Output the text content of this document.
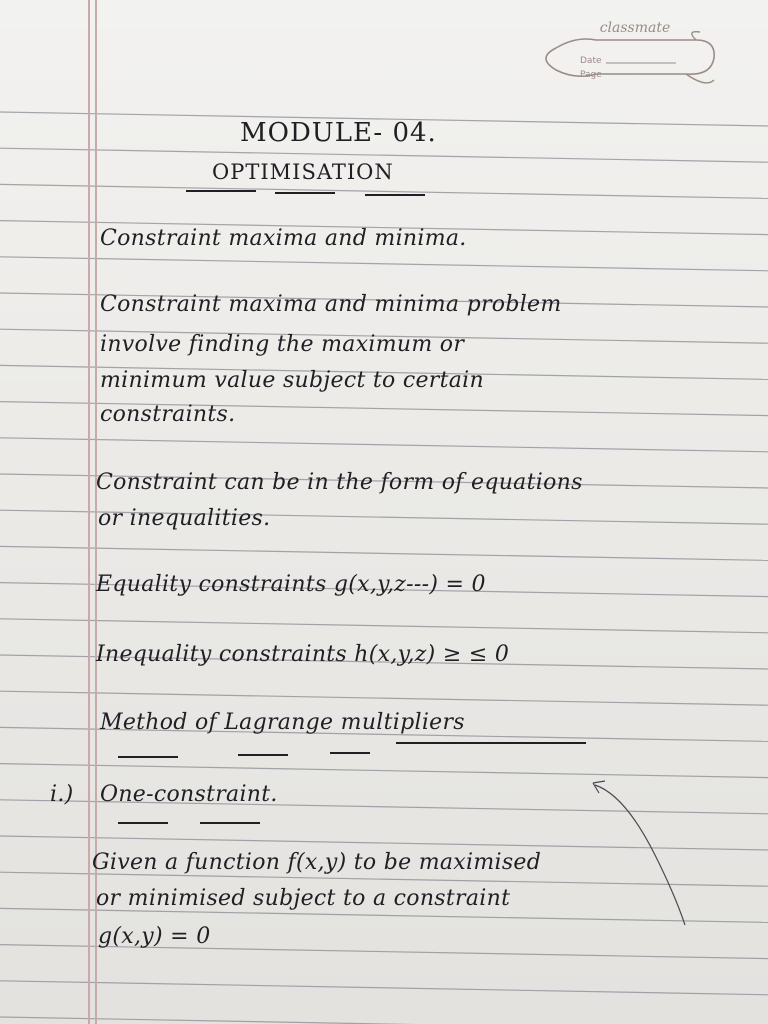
classmate
Date
Page
MODULE- 04.
OPTIMISATION
Constraint maxima and minima.
Constraint maxima and minima problem
involve finding the maximum or
minimum value subject to certain
constraints.
Constraint can be in the form of equations
or inequalities.
Equality constraints g(x,y,z---) = 0
Inequality constraints h(x,y,z) ≥ ≤ 0
Method of Lagrange multipliers
i.) One-constraint.
Given a function f(x,y) to be maximised
or minimised subject to a constraint
g(x,y) = 0
